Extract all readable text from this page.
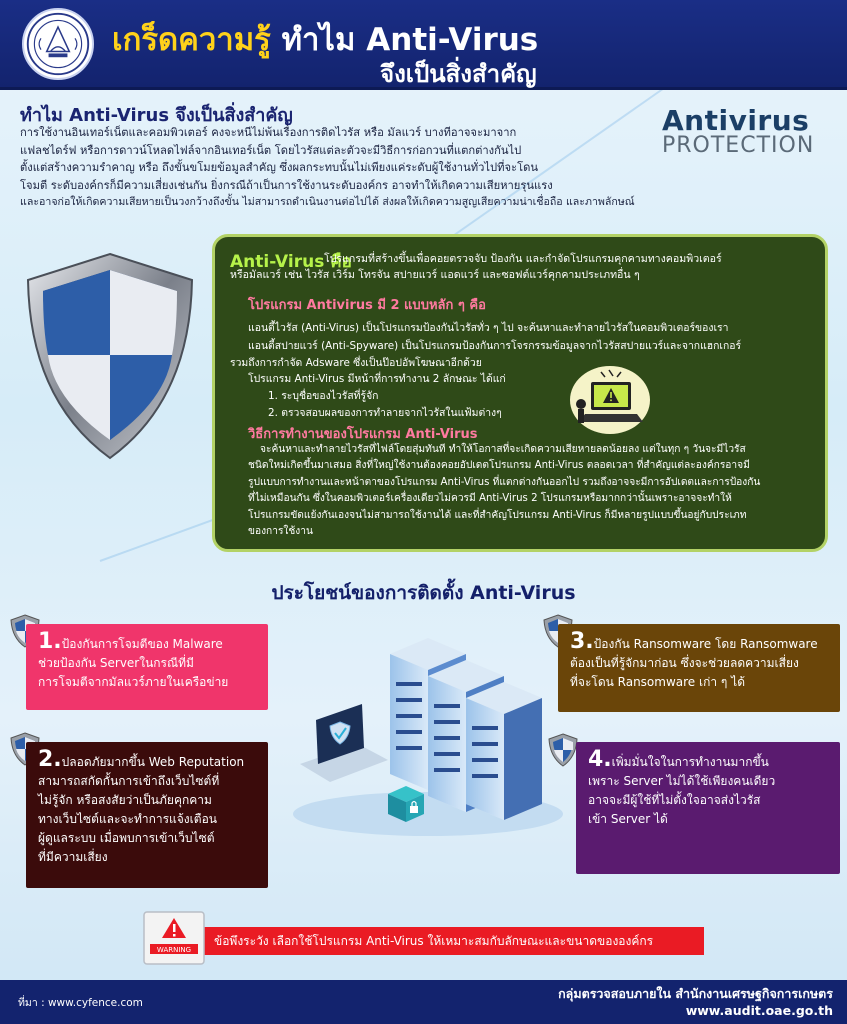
เกร็ดความรู้ ทำไม Anti-Virus
จึงเป็นสิ่งสำคัญ
ทำไม Anti-Virus จึงเป็นสิ่งสำคัญ
การใช้งานอินเทอร์เน็ตและคอมพิวเตอร์ คงจะหนีไม่พ้นเรื่องการติดไวรัส หรือ มัลแวร์ บางทีอาจจะมาจาก
แฟลชไดร์ฟ หรือการดาวน์โหลดไฟล์จากอินเทอร์เน็ต โดยไวรัสแต่ละตัวจะมีวิธีการก่อกวนที่แตกต่างกันไป
ตั้งแต่สร้างความรำคาญ หรือ ถึงขั้นขโมยข้อมูลสำคัญ ซึ่งผลกระทบนั้นไม่เพียงแค่ระดับผู้ใช้งานทั่วไปที่จะโดน
โจมตี ระดับองค์กรก็มีความเสี่ยงเช่นกัน ยิ่งกรณีถ้าเป็นการใช้งานระดับองค์กร อาจทำให้เกิดความเสียหายรุนแรง
และอาจก่อให้เกิดความเสียหายเป็นวงกว้างถึงขั้น ไม่สามารถดำเนินงานต่อไปได้ ส่งผลให้เกิดความสูญเสียความน่าเชื่อถือ และภาพลักษณ์
Antivirus
PROTECTION
Anti-Virus คือ
โปรแกรมที่สร้างขึ้นเพื่อคอยตรวจจับ ป้องกัน และกำจัดโปรแกรมคุกคามทางคอมพิวเตอร์
หรือมัลแวร์ เช่น ไวรัส เวิร์ม โทรจัน สปายแวร์ แอดแวร์ และซอฟต์แวร์คุกคามประเภทอื่น ๆ
โปรแกรม Antivirus มี 2 แบบหลัก ๆ คือ
แอนตี้ไวรัส (Anti-Virus) เป็นโปรแกรมป้องกันไวรัสทั่ว ๆ ไป จะค้นหาและทำลายไวรัสในคอมพิวเตอร์ของเรา
แอนตี้สปายแวร์ (Anti-Spyware) เป็นโปรแกรมป้องกันการโจรกรรมข้อมูลจากไวรัสสปายแวร์และจากแฮกเกอร์
รวมถึงการกำจัด Adsware ซึ่งเป็นป๊อปอัพโฆษณาอีกด้วย
โปรแกรม Anti-Virus มีหน้าที่การทำงาน 2 ลักษณะ ได้แก่
1. ระบุชื่อของไวรัสที่รู้จัก
2. ตรวจสอบผลของการทำลายจากไวรัสในแฟ้มต่างๆ
วิธีการทำงานของโปรแกรม Anti-Virus
จะค้นหาและทำลายไวรัสที่ไฟล์โดยสุ่มทันที ทำให้โอกาสที่จะเกิดความเสียหายลดน้อยลง แต่ในทุก ๆ วันจะมีไวรัส
ชนิดใหม่เกิดขึ้นมาเสมอ สิ่งที่ใหญ่ใช้งานต้องคอยอัปเดตโปรแกรม Anti-Virus ตลอดเวลา ที่สำคัญแต่ละองค์กรอาจมี
รูปแบบการทำงานและหน้าตาของโปรแกรม Anti-Virus ที่แตกต่างกันออกไป รวมถึงอาจจะมีการอัปเดตและการป้องกัน
ที่ไม่เหมือนกัน ซึ่งในคอมพิวเตอร์เครื่องเดียวไม่ควรมี Anti-Virus 2 โปรแกรมหรือมากกว่านั้นเพราะอาจจะทำให้
โปรแกรมขัดแย้งกันเองจนไม่สามารถใช้งานได้ และที่สำคัญโปรแกรม Anti-Virus ก็มีหลายรูปแบบขึ้นอยู่กับประเภท
ของการใช้งาน
ประโยชน์ของการติดตั้ง Anti-Virus
1.ป้องกันการโจมตีของ Malware
ช่วยป้องกัน Serverในกรณีที่มี
การโจมตีจากมัลแวร์ภายในเครือข่าย
2.ปลอดภัยมากขึ้น Web Reputation
สามารถสกัดกั้นการเข้าถึงเว็บไซต์ที่
ไม่รู้จัก หรือสงสัยว่าเป็นภัยคุกคาม
ทางเว็บไซต์และจะทำการแจ้งเตือน
ผู้ดูแลระบบ เมื่อพบการเข้าเว็บไซต์
ที่มีความเสี่ยง
3.ป้องกัน Ransomware โดย Ransomware
ต้องเป็นที่รู้จักมาก่อน ซึ่งจะช่วยลดความเสี่ยง
ที่จะโดน Ransomware เก่า ๆ ได้
4.เพิ่มมั่นใจในการทำงานมากขึ้น
เพราะ Server ไม่ได้ใช้เพียงคนเดียว
อาจจะมีผู้ใช้ที่ไม่ตั้งใจอาจส่งไวรัส
เข้า Server ได้
ข้อพึงระวัง เลือกใช้โปรแกรม Anti-Virus ให้เหมาะสมกับลักษณะและขนาดขององค์กร
WARNING
ที่มา : www.cyfence.com
กลุ่มตรวจสอบภายใน สำนักงานเศรษฐกิจการเกษตร
www.audit.oae.go.th
